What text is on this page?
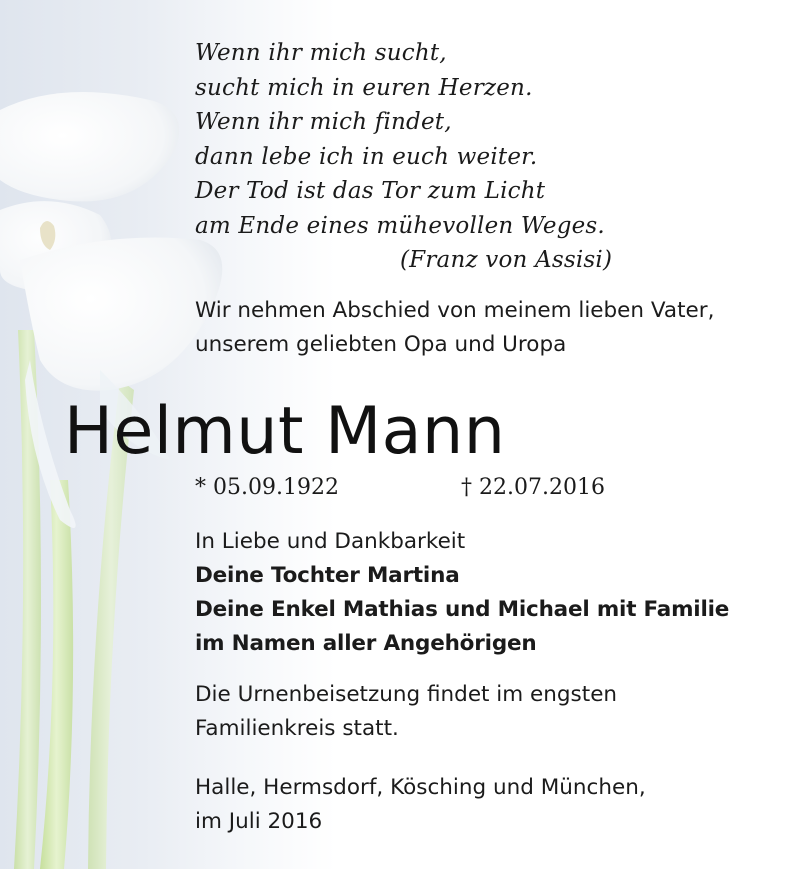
Wenn ihr mich sucht,
sucht mich in euren Herzen.
Wenn ihr mich findet,
dann lebe ich in euch weiter.
Der Tod ist das Tor zum Licht
am Ende eines mühevollen Weges.
(Franz von Assisi)
Wir nehmen Abschied von meinem lieben Vater,
unserem geliebten Opa und Uropa
Helmut Mann
* 05.09.1922	† 22.07.2016
In Liebe und Dankbarkeit
Deine Tochter Martina
Deine Enkel Mathias und Michael mit Familie
im Namen aller Angehörigen
Die Urnenbeisetzung findet im engsten
Familienkreis statt.
Halle, Hermsdorf, Kösching und München,
im Juli 2016
